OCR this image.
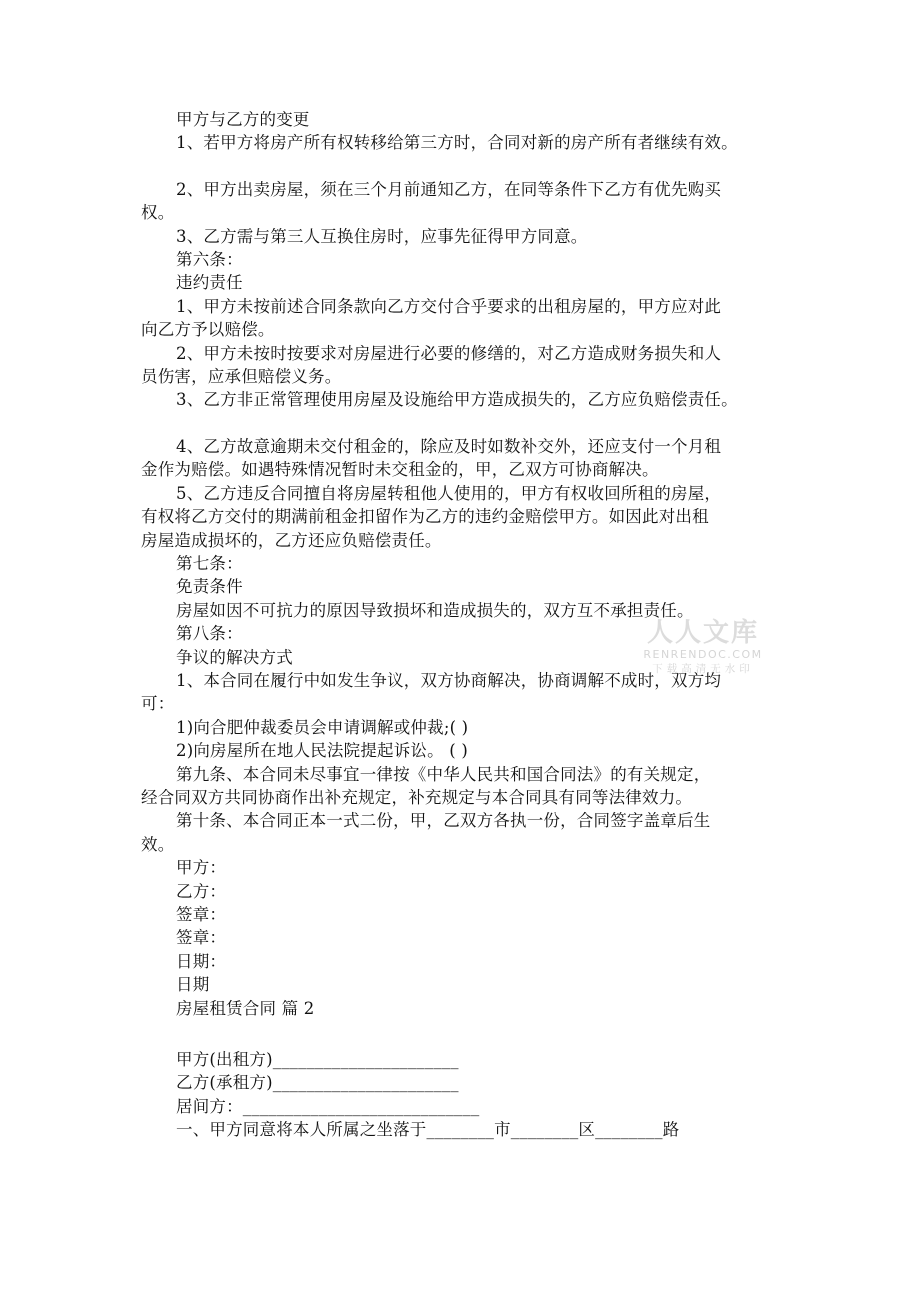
甲方与乙方的变更

1、若甲方将房产所有权转移给第三方时，合同对新的房产所有者继续有效。

2、甲方出卖房屋，须在三个月前通知乙方，在同等条件下乙方有优先购买

权。

3、乙方需与第三人互换住房时，应事先征得甲方同意。

第六条：

违约责任

1、甲方未按前述合同条款向乙方交付合乎要求的出租房屋的，甲方应对此

向乙方予以赔偿。

2、甲方未按时按要求对房屋进行必要的修缮的，对乙方造成财务损失和人

员伤害，应承但赔偿义务。

3、乙方非正常管理使用房屋及设施给甲方造成损失的，乙方应负赔偿责任。

4、乙方故意逾期未交付租金的，除应及时如数补交外，还应支付一个月租

金作为赔偿。如遇特殊情况暂时未交租金的，甲，乙双方可协商解决。

5、乙方违反合同擅自将房屋转租他人使用的，甲方有权收回所租的房屋，

有权将乙方交付的期满前租金扣留作为乙方的违约金赔偿甲方。如因此对出租

房屋造成损坏的，乙方还应负赔偿责任。

第七条：

免责条件

房屋如因不可抗力的原因导致损坏和造成损失的，双方互不承担责任。

第八条：

争议的解决方式

1、本合同在履行中如发生争议，双方协商解决，协商调解不成时，双方均

可：

1)向合肥仲裁委员会申请调解或仲裁;( )

2)向房屋所在地人民法院提起诉讼。 ( )

第九条、本合同未尽事宜一律按《中华人民共和国合同法》的有关规定，

经合同双方共同协商作出补充规定，补充规定与本合同具有同等法律效力。

第十条、本合同正本一式二份，甲，乙双方各执一份，合同签字盖章后生

效。

甲方：

乙方：

签章：

签章：

日期：

日期

房屋租赁合同 篇 2

甲方(出租方)______________________

乙方(承租方)______________________

居间方：____________________________

一、甲方同意将本人所属之坐落于________市________区________路

人人文库
RENRENDOC.COM
下载高清无水印
